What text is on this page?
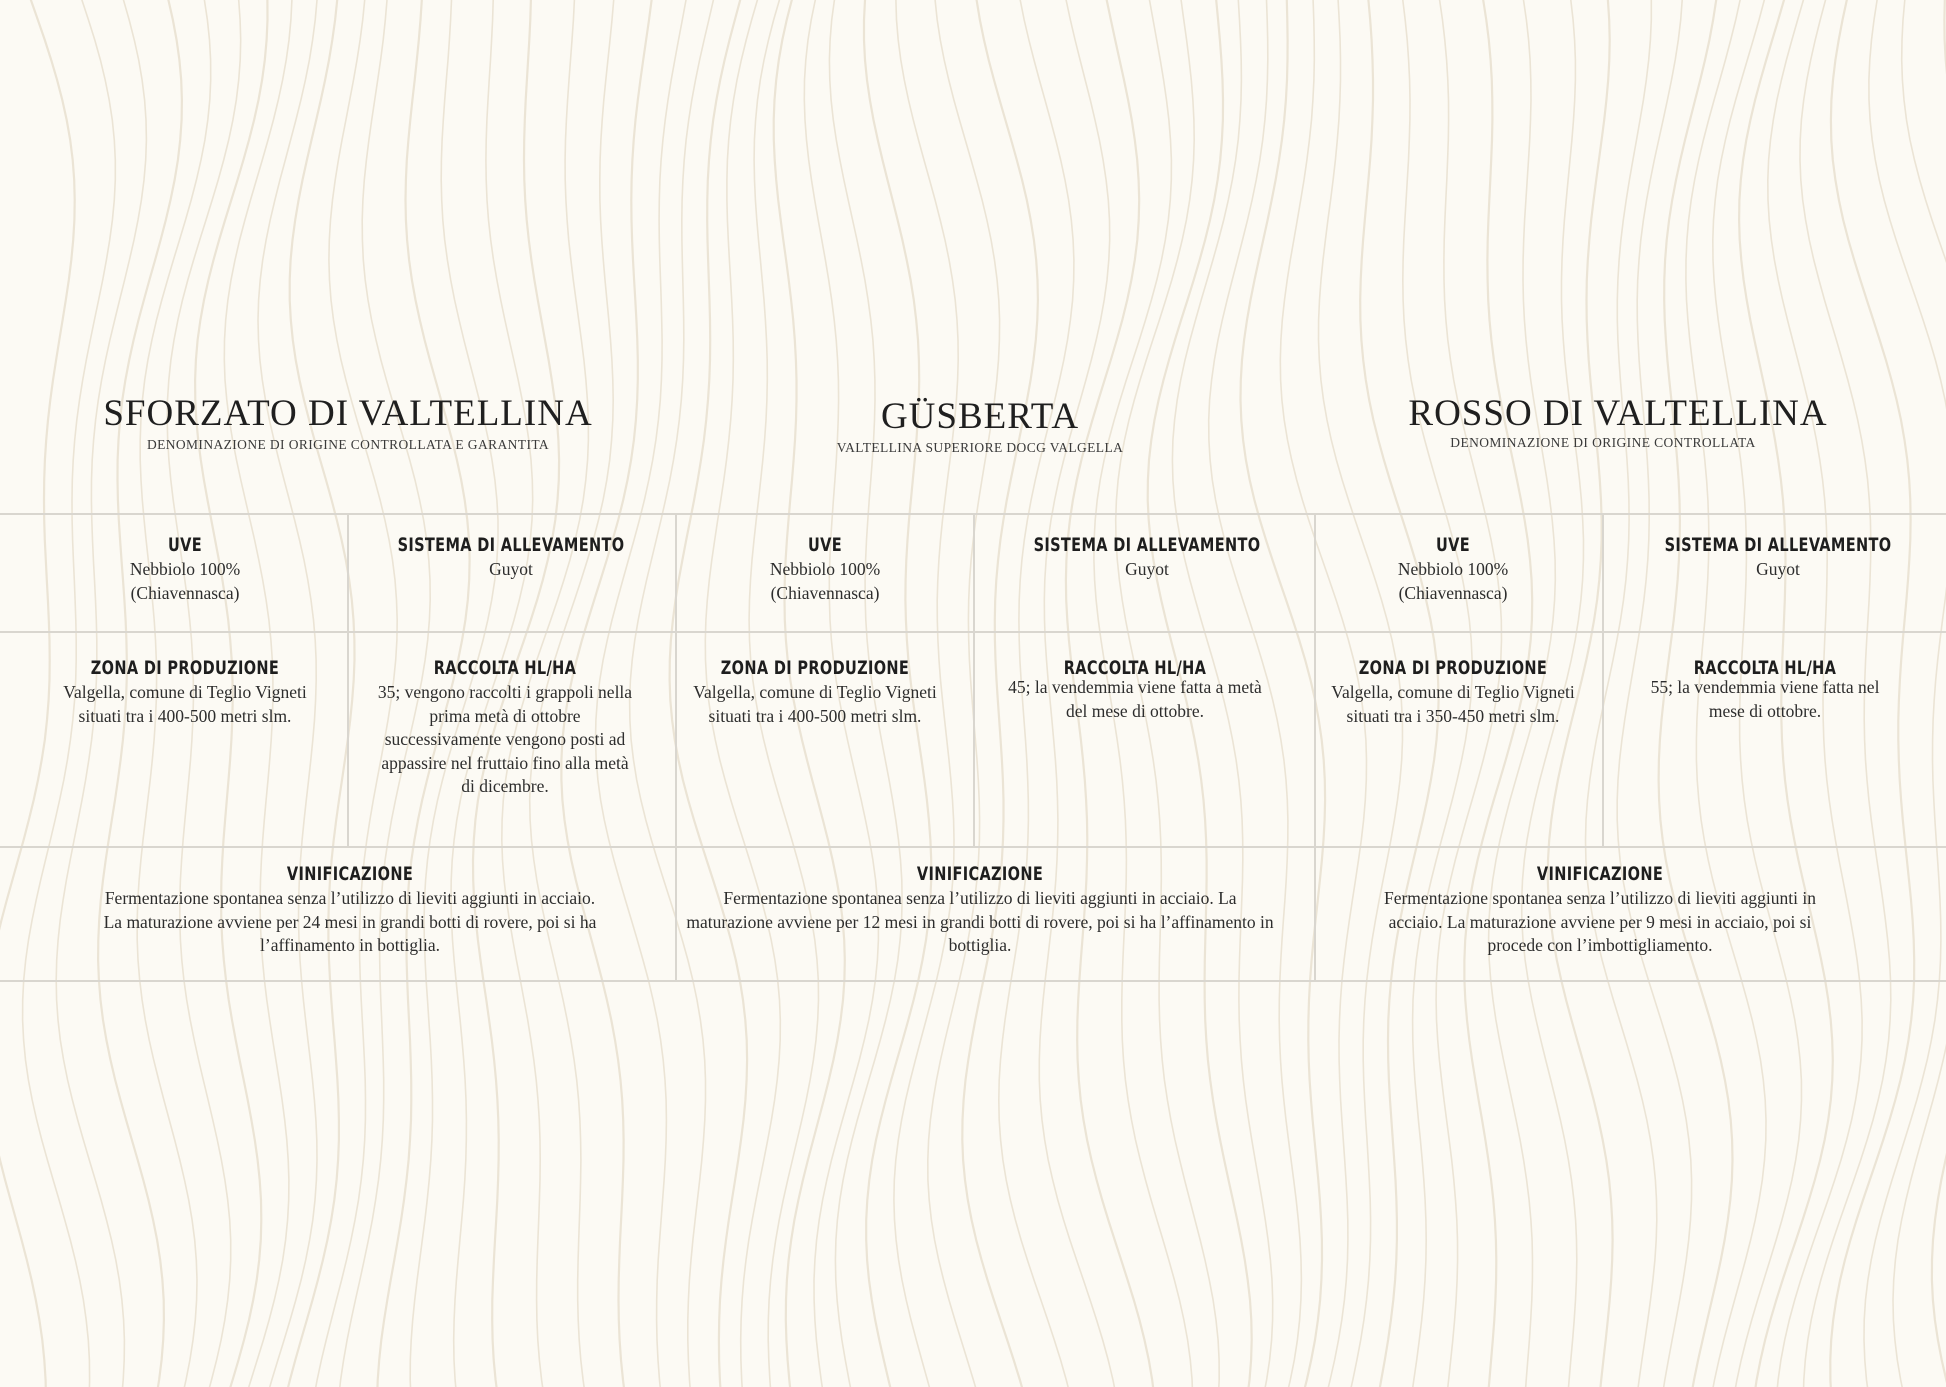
SFORZATO DI VALTELLINA
DENOMINAZIONE DI ORIGINE CONTROLLATA E GARANTITA
UVE
Nebbiolo 100% (Chiavennasca)
SISTEMA DI ALLEVAMENTO
Guyot
ZONA DI PRODUZIONE
Valgella, comune di Teglio Vigneti situati tra i 400-500 metri slm.
RACCOLTA HL/HA
35; vengono raccolti i grappoli nella prima metà di ottobre successivamente vengono posti ad appassire nel fruttaio fino alla metà di dicembre.
VINIFICAZIONE
Fermentazione spontanea senza l’utilizzo di lieviti aggiunti in acciaio. La maturazione avviene per 24 mesi in grandi botti di rovere, poi si ha l’affinamento in bottiglia.
GÜSBERTA
VALTELLINA SUPERIORE DOCG VALGELLA
UVE
Nebbiolo 100% (Chiavennasca)
SISTEMA DI ALLEVAMENTO
Guyot
ZONA DI PRODUZIONE
Valgella, comune di Teglio Vigneti situati tra i 400-500 metri slm.
RACCOLTA HL/HA
45; la vendemmia viene fatta a metà del mese di ottobre.
VINIFICAZIONE
Fermentazione spontanea senza l’utilizzo di lieviti aggiunti in acciaio. La maturazione avviene per 12 mesi in grandi botti di rovere, poi si ha l’affinamento in bottiglia.
ROSSO DI VALTELLINA
DENOMINAZIONE DI ORIGINE CONTROLLATA
UVE
Nebbiolo 100% (Chiavennasca)
SISTEMA DI ALLEVAMENTO
Guyot
ZONA DI PRODUZIONE
Valgella, comune di Teglio Vigneti situati tra i 350-450 metri slm.
RACCOLTA HL/HA
55; la vendemmia viene fatta nel mese di ottobre.
VINIFICAZIONE
Fermentazione spontanea senza l’utilizzo di lieviti aggiunti in acciaio. La maturazione avviene per 9 mesi in acciaio, poi si procede con l’imbottigliamento.
